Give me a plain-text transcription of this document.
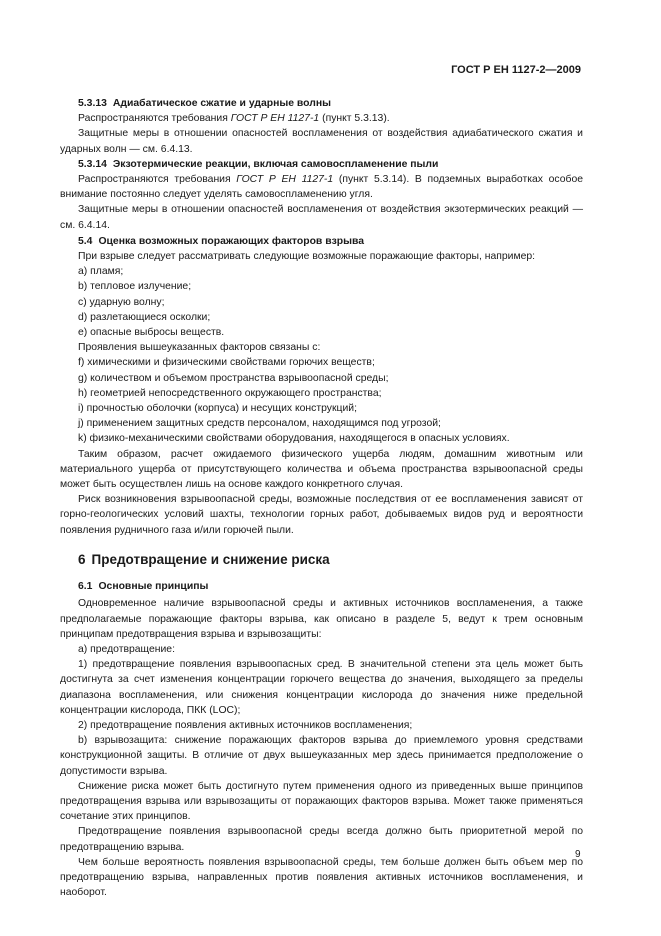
ГОСТ Р ЕН 1127-2—2009

5.3.13 Адиабатическое сжатие и ударные волны

Распространяются требования ГОСТ Р ЕН 1127-1 (пункт 5.3.13).

Защитные меры в отношении опасностей воспламенения от воздействия адиабатического сжатия и ударных волн — см. 6.4.13.

5.3.14 Экзотермические реакции, включая самовоспламенение пыли

Распространяются требования ГОСТ Р ЕН 1127-1 (пункт 5.3.14). В подземных выработках особое внимание постоянно следует уделять самовоспламенению угля.

Защитные меры в отношении опасностей воспламенения от воздействия экзотермических реакций — см. 6.4.14.

5.4 Оценка возможных поражающих факторов взрыва

При взрыве следует рассматривать следующие возможные поражающие факторы, например:

a) пламя;

b) тепловое излучение;

c) ударную волну;

d) разлетающиеся осколки;

e) опасные выбросы веществ.

Проявления вышеуказанных факторов связаны с:

f) химическими и физическими свойствами горючих веществ;

g) количеством и объемом пространства взрывоопасной среды;

h) геометрией непосредственного окружающего пространства;

i) прочностью оболочки (корпуса) и несущих конструкций;

j) применением защитных средств персоналом, находящимся под угрозой;

k) физико-механическими свойствами оборудования, находящегося в опасных условиях.

Таким образом, расчет ожидаемого физического ущерба людям, домашним животным или материального ущерба от присутствующего количества и объема пространства взрывоопасной среды может быть осуществлен лишь на основе каждого конкретного случая.

Риск возникновения взрывоопасной среды, возможные последствия от ее воспламенения зависят от горно-геологических условий шахты, технологии горных работ, добываемых видов руд и вероятности появления рудничного газа и/или горючей пыли.

6 Предотвращение и снижение риска

6.1 Основные принципы

Одновременное наличие взрывоопасной среды и активных источников воспламенения, а также предполагаемые поражающие факторы взрыва, как описано в разделе 5, ведут к трем основным принципам предотвращения взрыва и взрывозащиты:

a) предотвращение:

1) предотвращение появления взрывоопасных сред. В значительной степени эта цель может быть достигнута за счет изменения концентрации горючего вещества до значения, выходящего за пределы диапазона воспламенения, или снижения концентрации кислорода до значения ниже предельной концентрации кислорода, ПКК (LOC);

2) предотвращение появления активных источников воспламенения;

b) взрывозащита: снижение поражающих факторов взрыва до приемлемого уровня средствами конструкционной защиты. В отличие от двух вышеуказанных мер здесь принимается предположение о допустимости взрыва.

Снижение риска может быть достигнуто путем применения одного из приведенных выше принципов предотвращения взрыва или взрывозащиты от поражающих факторов взрыва. Может также применяться сочетание этих принципов.

Предотвращение появления взрывоопасной среды всегда должно быть приоритетной мерой по предотвращению взрыва.

Чем больше вероятность появления взрывоопасной среды, тем больше должен быть объем мер по предотвращению взрыва, направленных против появления активных источников воспламенения, и наоборот.

9
